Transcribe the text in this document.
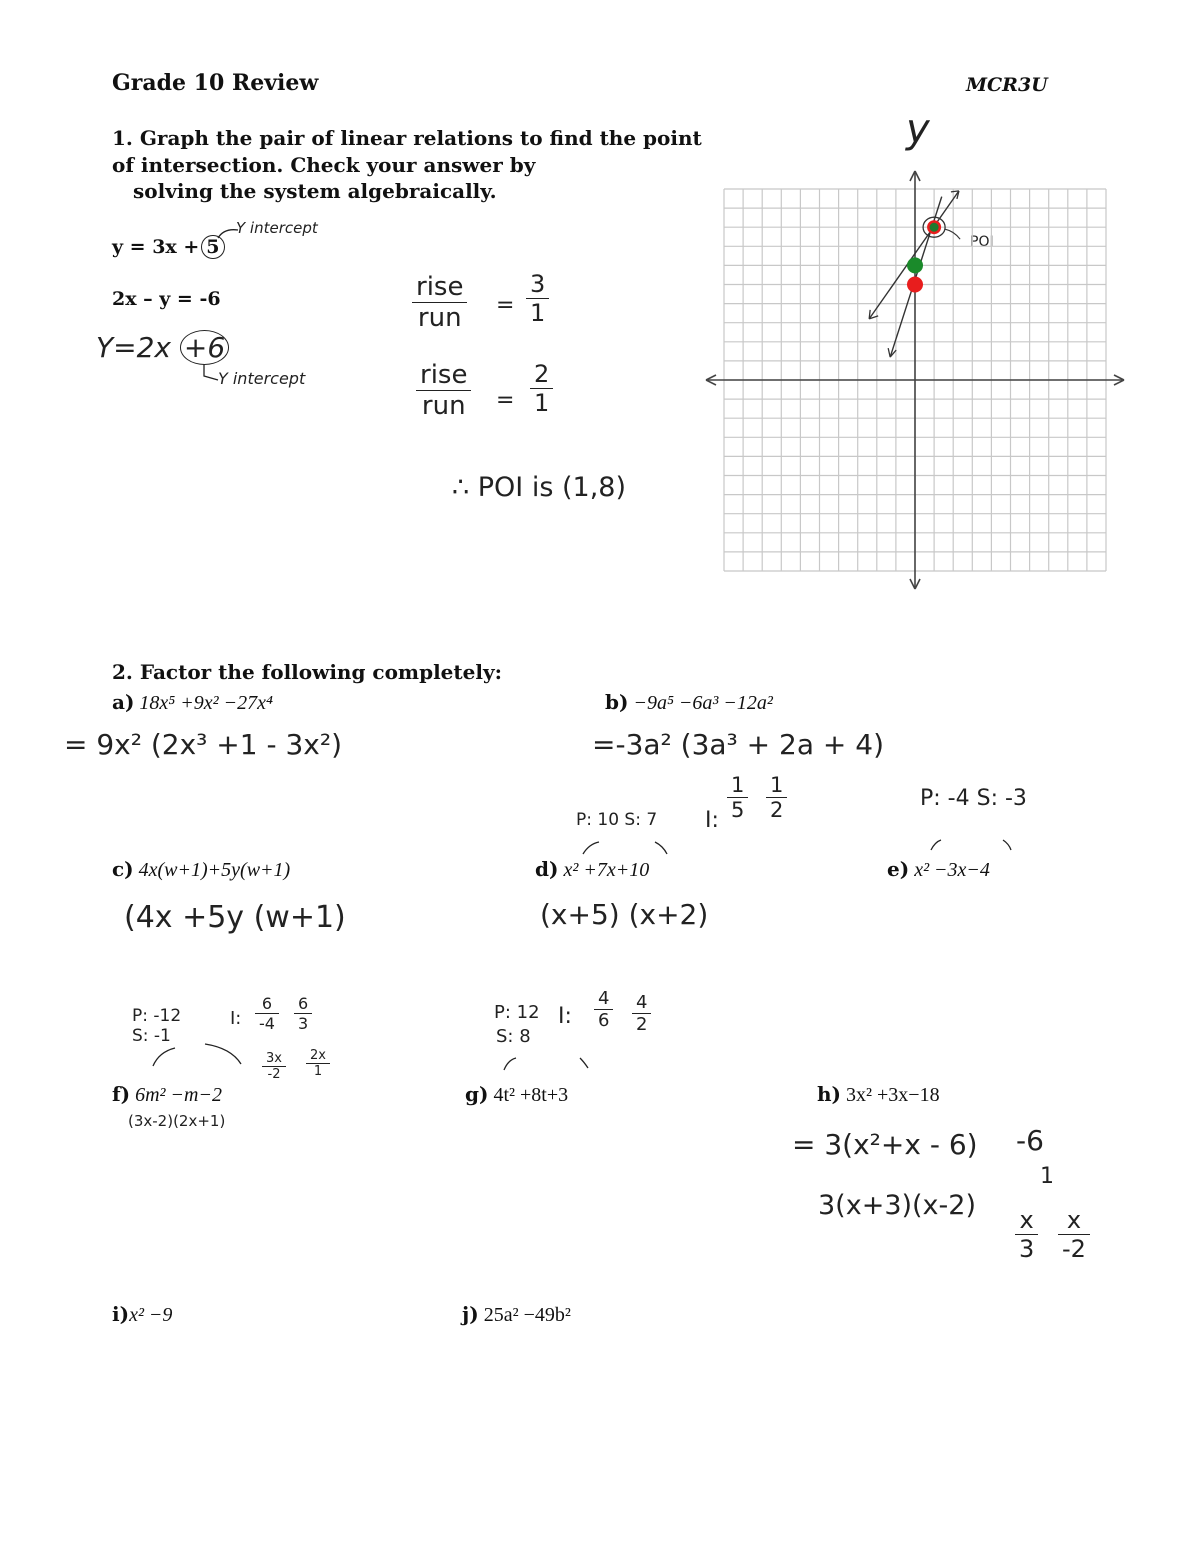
Grade 10 Review	MCR3U
1. Graph the pair of linear relations to find the point
of intersection. Check your answer by
solving the system algebraically.
y = 3x + 5
Y intercept
2x – y = -6
Y=2x +6
Y intercept
rise
run = $\frac{3}{1}$
rise
run = $\frac{2}{1}$
∴ POI is (1,8)
y
POI
2. Factor the following completely:
a) 18x⁵ +9x² −27x⁴
= 9x² (2x³ +1 - 3x²)
b) −9a⁵ −6a³ −12a²
=-3a² (3a³ + 2a + 4)
P: 10 S: 7 I: $\frac{1}{5} \frac{1}{2}$	P: -4 S: -3
c) 4x(w+1)+5y(w+1)	d) x² +7x+10	e) x² −3x−4
(4x +5y (w+1)	(x+5) (x+2)
P: -12
S: -1
I: $\frac{6}{-4} \frac{6}{3}$
$\frac{3x}{-2} \frac{2x}{1}$
P: 12
S: 8
I: $\frac{4}{6} \frac{4}{2}$
f) 6m² −m−2
(3x-2)(2x+1)
g) 4t² +8t+3	h) 3x² +3x−18
= 3(x²+x - 6)
3(x+3)(x-2)
-6
1
$\frac{x}{3} \frac{x}{-2}$
i)x² −9	j) 25a² −49b²
